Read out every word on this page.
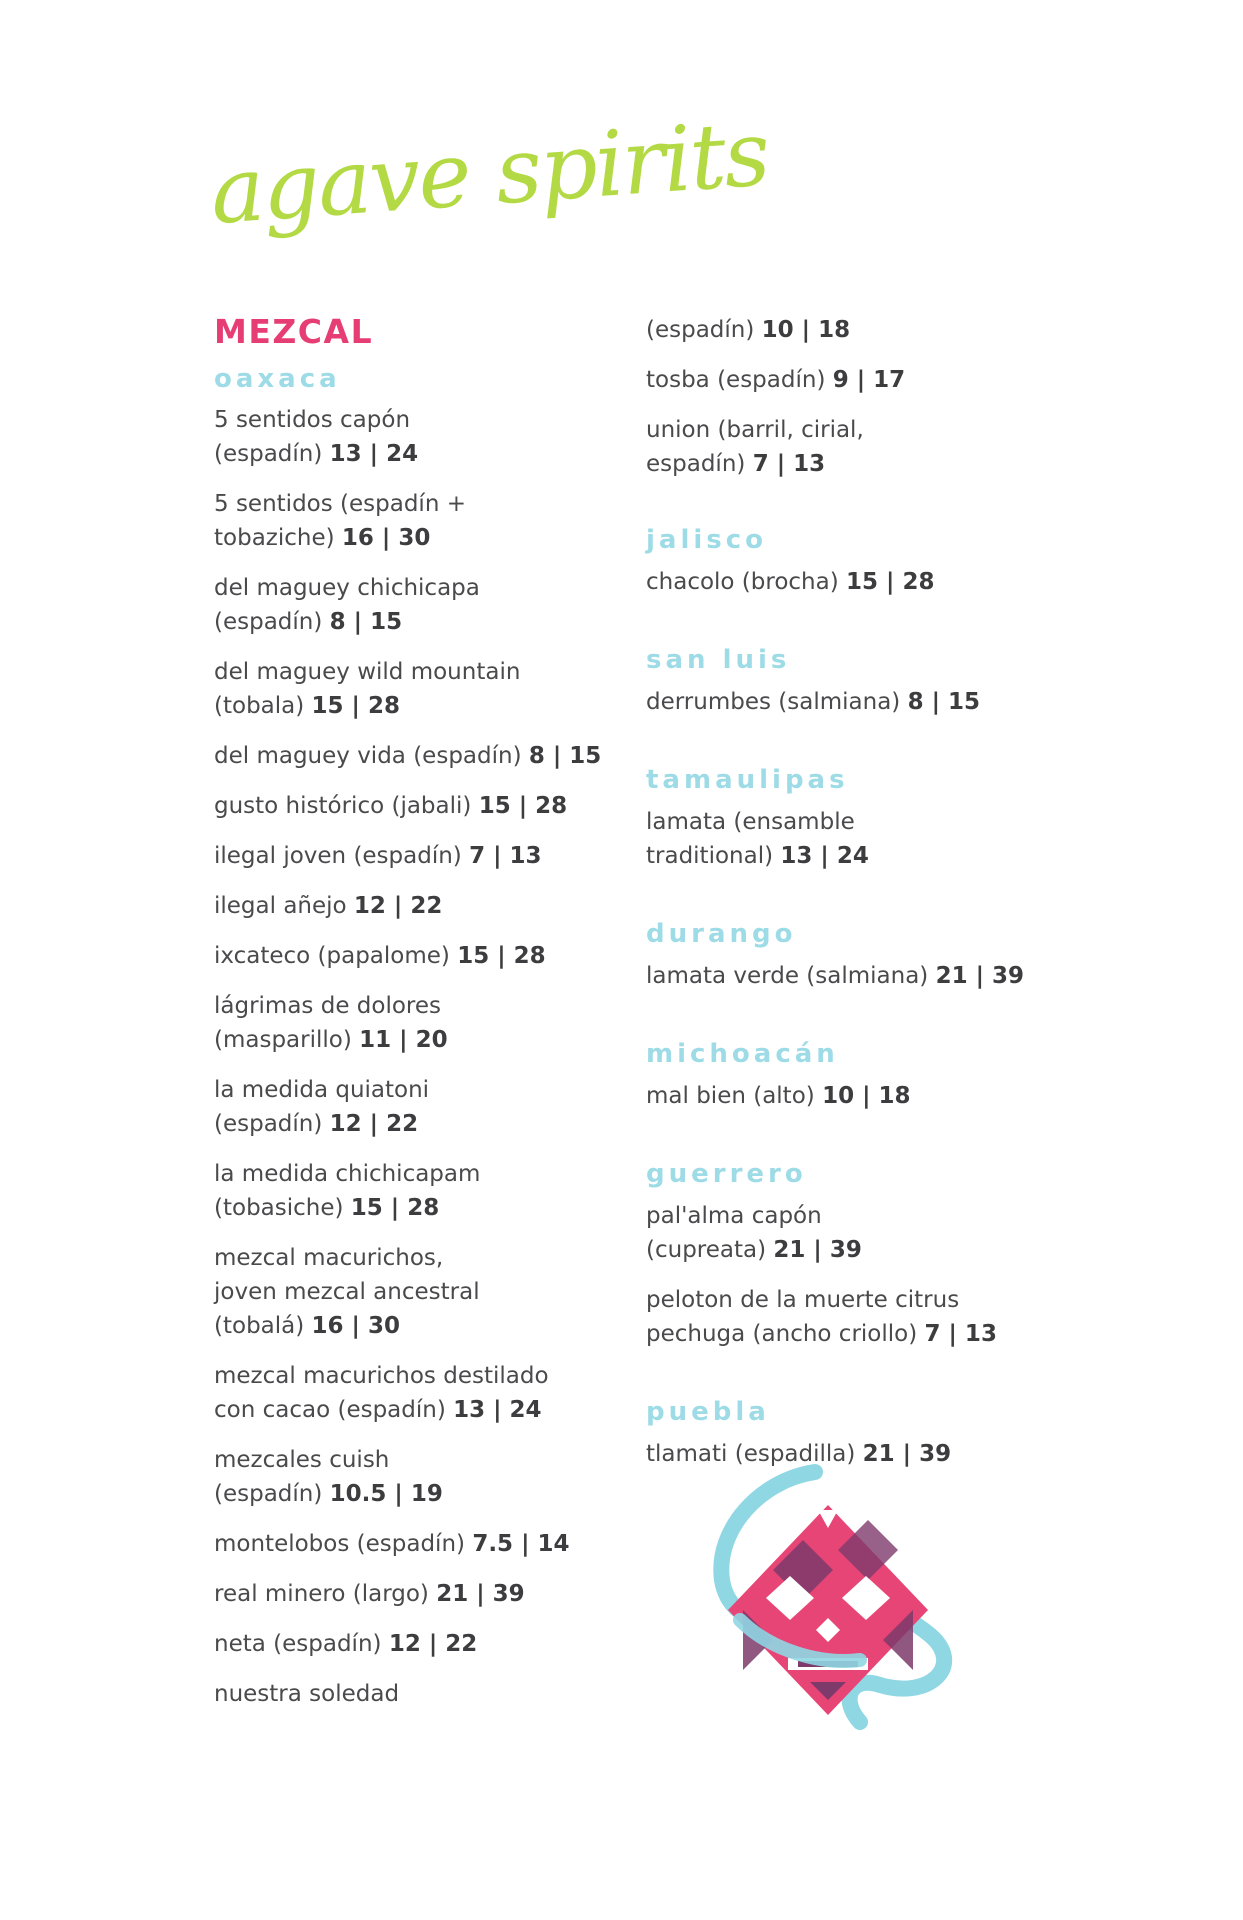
agave spirits
MEZCAL
oaxaca
5 sentidos capón
(espadín) 13 | 24
5 sentidos (espadín +
tobaziche) 16 | 30
del maguey chichicapa
(espadín) 8 | 15
del maguey wild mountain
(tobala) 15 | 28
del maguey vida (espadín) 8 | 15
gusto histórico (jabali) 15 | 28
ilegal joven (espadín) 7 | 13
ilegal añejo 12 | 22
ixcateco (papalome) 15 | 28
lágrimas de dolores
(masparillo) 11 | 20
la medida quiatoni
(espadín) 12 | 22
la medida chichicapam
(tobasiche) 15 | 28
mezcal macurichos,
joven mezcal ancestral
(tobalá) 16 | 30
mezcal macurichos destilado
con cacao (espadín) 13 | 24
mezcales cuish
(espadín) 10.5 | 19
montelobos (espadín) 7.5 | 14
real minero (largo) 21 | 39
neta (espadín) 12 | 22
nuestra soledad
(espadín) 10 | 18
tosba (espadín) 9 | 17
union (barril, cirial,
espadín) 7 | 13
jalisco
chacolo (brocha) 15 | 28
san luis
derrumbes (salmiana) 8 | 15
tamaulipas
lamata (ensamble
traditional) 13 | 24
durango
lamata verde (salmiana) 21 | 39
michoacán
mal bien (alto) 10 | 18
guerrero
pal'alma capón
(cupreata) 21 | 39
peloton de la muerte citrus
pechuga (ancho criollo) 7 | 13
puebla
tlamati (espadilla) 21 | 39
